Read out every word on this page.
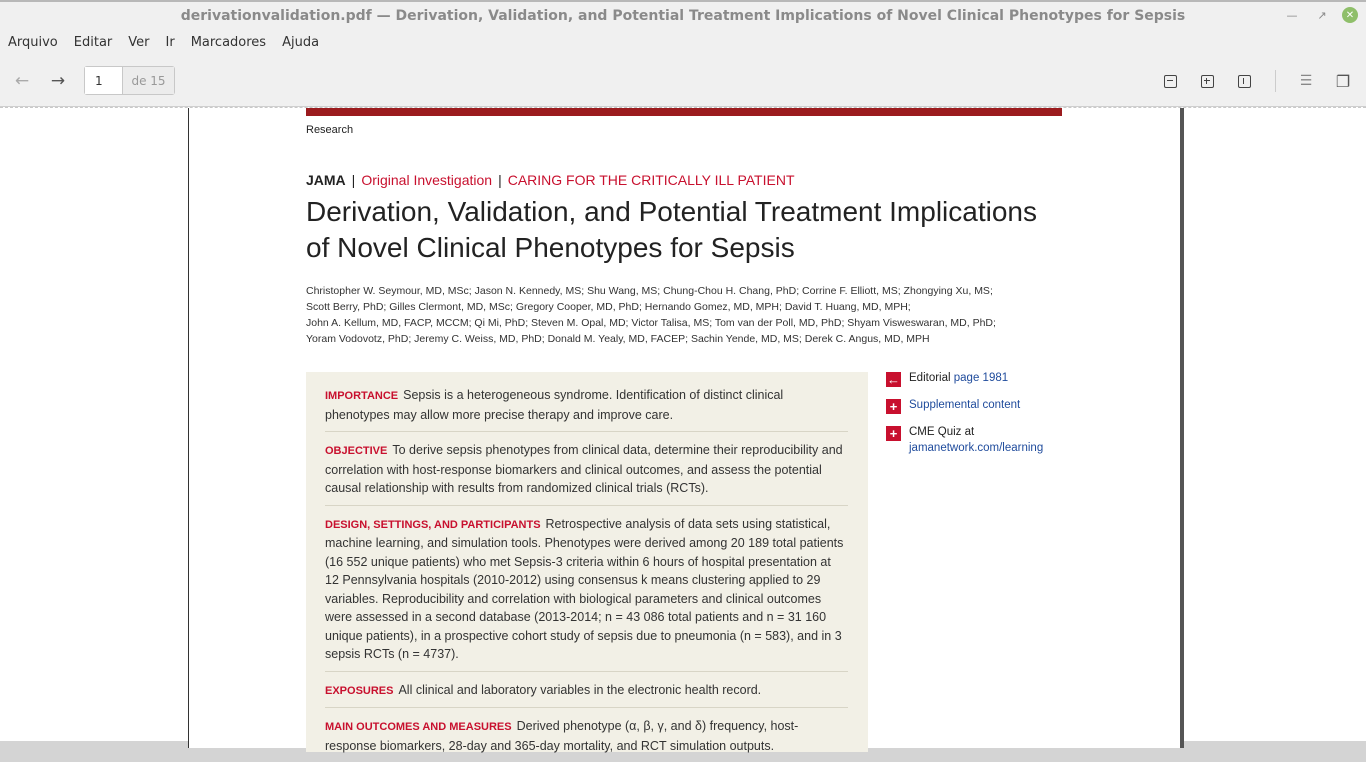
derivationvalidation.pdf — Derivation, Validation, and Potential Treatment Implications of Novel Clinical Phenotypes for Sepsis	—	↗	✕
Arquivo	Editar	Ver	Ir	Marcadores	Ajuda
← →
1	de 15	☰	❐
Research
JAMA | Original Investigation | CARING FOR THE CRITICALLY ILL PATIENT
Derivation, Validation, and Potential Treatment Implications
of Novel Clinical Phenotypes for Sepsis
Christopher W. Seymour, MD, MSc; Jason N. Kennedy, MS; Shu Wang, MS; Chung-Chou H. Chang, PhD; Corrine F. Elliott, MS; Zhongying Xu, MS;
Scott Berry, PhD; Gilles Clermont, MD, MSc; Gregory Cooper, MD, PhD; Hernando Gomez, MD, MPH; David T. Huang, MD, MPH;
John A. Kellum, MD, FACP, MCCM; Qi Mi, PhD; Steven M. Opal, MD; Victor Talisa, MS; Tom van der Poll, MD, PhD; Shyam Visweswaran, MD, PhD;
Yoram Vodovotz, PhD; Jeremy C. Weiss, MD, PhD; Donald M. Yealy, MD, FACEP; Sachin Yende, MD, MS; Derek C. Angus, MD, MPH
IMPORTANCE Sepsis is a heterogeneous syndrome. Identification of distinct clinical phenotypes may allow more precise therapy and improve care.
OBJECTIVE To derive sepsis phenotypes from clinical data, determine their reproducibility and correlation with host-response biomarkers and clinical outcomes, and assess the potential causal relationship with results from randomized clinical trials (RCTs).
DESIGN, SETTINGS, AND PARTICIPANTS Retrospective analysis of data sets using statistical, machine learning, and simulation tools. Phenotypes were derived among 20 189 total patients (16 552 unique patients) who met Sepsis-3 criteria within 6 hours of hospital presentation at 12 Pennsylvania hospitals (2010-2012) using consensus k means clustering applied to 29 variables. Reproducibility and correlation with biological parameters and clinical outcomes were assessed in a second database (2013-2014; n = 43 086 total patients and n = 31 160 unique patients), in a prospective cohort study of sepsis due to pneumonia (n = 583), and in 3 sepsis RCTs (n = 4737).
EXPOSURES All clinical and laboratory variables in the electronic health record.
MAIN OUTCOMES AND MEASURES Derived phenotype (α, β, γ, and δ) frequency, host-response biomarkers, 28-day and 365-day mortality, and RCT simulation outputs.
← Editorial page 1981
+	Supplemental content
+	CME Quiz at
jamanetwork.com/learning
